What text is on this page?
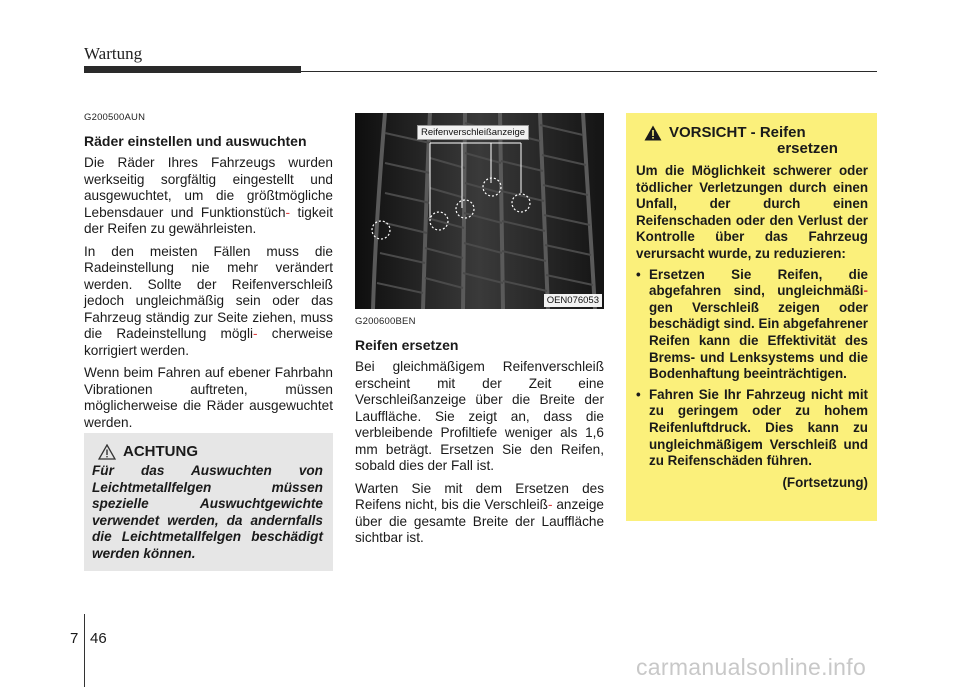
Wartung
G200500AUN
Räder einstellen und auswuchten
Die Räder Ihres Fahrzeugs wurden werkseitig sorgfältig eingestellt und ausgewuchtet, um die größtmögliche Lebensdauer und Funktionstüch- tigkeit der Reifen zu gewährleisten.
In den meisten Fällen muss die Radeinstellung nie mehr verändert werden. Sollte der Reifenverschleiß jedoch ungleichmäßig sein oder das Fahrzeug ständig zur Seite ziehen, muss die Radeinstellung mögli- cherweise korrigiert werden.
Wenn beim Fahren auf ebener Fahrbahn Vibrationen auftreten, müssen möglicherweise die Räder ausgewuchtet werden.
ACHTUNG
Für das Auswuchten von Leichtmetallfelgen müssen spezielle Auswuchtgewichte verwendet werden, da andernfalls die Leichtmetallfelgen beschädigt werden können.
Reifenverschleißanzeige
OEN076053
G200600BEN
Reifen ersetzen
Bei gleichmäßigem Reifenverschleiß erscheint mit der Zeit eine Verschleißanzeige über die Breite der Lauffläche. Sie zeigt an, dass die verbleibende Profiltiefe weniger als 1,6 mm beträgt. Ersetzen Sie den Reifen, sobald dies der Fall ist.
Warten Sie mit dem Ersetzen des Reifens nicht, bis die Verschleiß- anzeige über die gesamte Breite der Lauffläche sichtbar ist.
VORSICHT - Reifen
ersetzen
Um die Möglichkeit schwerer oder tödlicher Verletzungen durch einen Unfall, der durch einen Reifenschaden oder den Verlust der Kontrolle über das Fahrzeug verursacht wurde, zu reduzieren:
• Ersetzen Sie Reifen, die abgefahren sind, ungleichmäßi- gen Verschleiß zeigen oder beschädigt sind. Ein abgefahrener Reifen kann die Effektivität des Brems- und Lenksystems und die Bodenhaftung beeinträchtigen.
• Fahren Sie Ihr Fahrzeug nicht mit zu geringem oder zu hohem Reifenluftdruck. Dies kann zu ungleichmäßigem Verschleiß und zu Reifenschäden führen.
(Fortsetzung)
7 46
carmanualsonline.info
